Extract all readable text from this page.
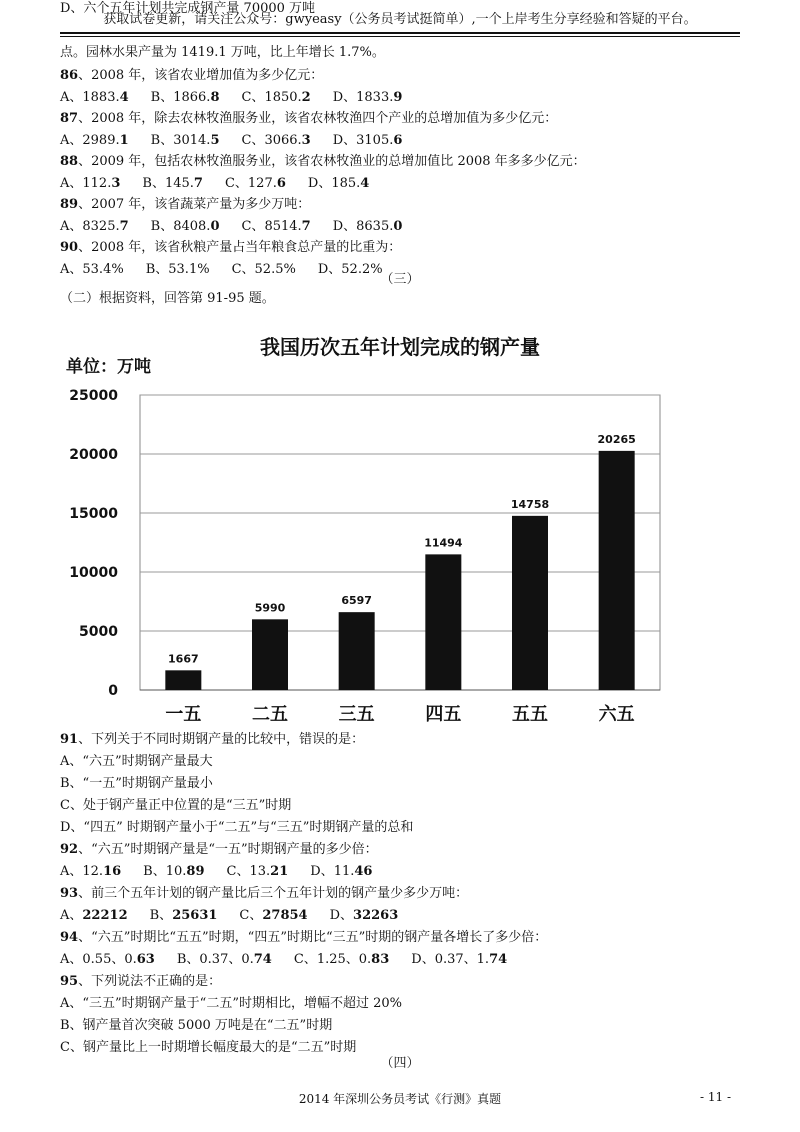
获取试卷更新，请关注公众号：gwyeasy（公务员考试挺简单）,一个上岸考生分享经验和答疑的平台。
点。园林水果产量为 1419.1 万吨，比上年增长 1.7%。
86、2008 年，该省农业增加值为多少亿元：
A、1883.4 B、1866.8 C、1850.2 D、1833.9
87、2008 年，除去农林牧渔服务业，该省农林牧渔四个产业的总增加值为多少亿元：
A、2989.1 B、3014.5 C、3066.3 D、3105.6
88、2009 年，包括农林牧渔服务业，该省农林牧渔业的总增加值比 2008 年多多少亿元：
A、112.3 B、145.7 C、127.6 D、185.4
89、2007 年，该省蔬菜产量为多少万吨：
A、8325.7 B、8408.0 C、8514.7 D、8635.0
90、2008 年，该省秋粮产量占当年粮食总产量的比重为：
A、53.4% B、53.1% C、52.5% D、52.2%
（三）
（二）根据资料，回答第 91-95 题。
我国历次五年计划完成的钢产量
单位：万吨
0
5000
10000
15000
20000
25000
1667
一五
5990
二五
6597
三五
11494
四五
14758
五五
20265
六五
91、下列关于不同时期钢产量的比较中，错误的是：
A、“六五”时期钢产量最大
B、“一五”时期钢产量最小
C、处于钢产量正中位置的是“三五”时期
D、“四五” 时期钢产量小于“二五”与“三五”时期钢产量的总和
92、“六五”时期钢产量是“一五”时期钢产量的多少倍：
A、12.16 B、10.89 C、13.21 D、11.46
93、前三个五年计划的钢产量比后三个五年计划的钢产量少多少万吨：
A、22212 B、25631 C、27854 D、32263
94、“六五”时期比“五五”时期，“四五”时期比“三五”时期的钢产量各增长了多少倍：
A、0.55、0.63 B、0.37、0.74 C、1.25、0.83 D、0.37、1.74
95、下列说法不正确的是：
A、“三五”时期钢产量于“二五”时期相比，增幅不超过 20%
B、钢产量首次突破 5000 万吨是在“二五”时期
C、钢产量比上一时期增长幅度最大的是“二五”时期
D、六个五年计划共完成钢产量 70000 万吨
（四）
2014 年深圳公务员考试《行测》真题	- 11 -
